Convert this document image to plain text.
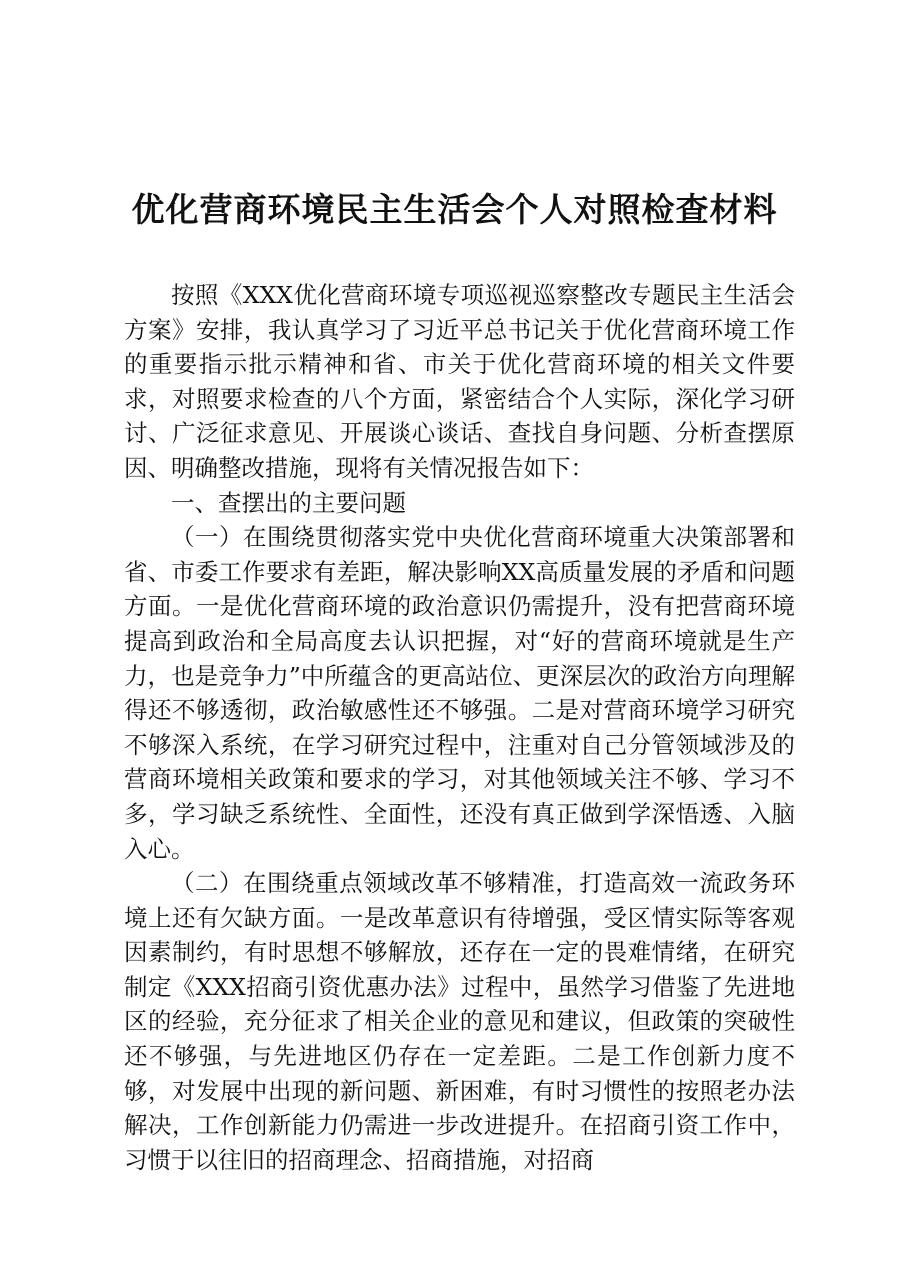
优化营商环境民主生活会个人对照检查材料

按照《XXX优化营商环境专项巡视巡察整改专题民主生活会方案》安排，我认真学习了习近平总书记关于优化营商环境工作的重要指示批示精神和省、市关于优化营商环境的相关文件要求，对照要求检查的八个方面，紧密结合个人实际，深化学习研讨、广泛征求意见、开展谈心谈话、查找自身问题、分析查摆原因、明确整改措施，现将有关情况报告如下：

一、查摆出的主要问题

（一）在围绕贯彻落实党中央优化营商环境重大决策部署和省、市委工作要求有差距，解决影响XX高质量发展的矛盾和问题方面。一是优化营商环境的政治意识仍需提升，没有把营商环境提高到政治和全局高度去认识把握，对“好的营商环境就是生产力，也是竞争力”中所蕴含的更高站位、更深层次的政治方向理解得还不够透彻，政治敏感性还不够强。二是对营商环境学习研究不够深入系统，在学习研究过程中，注重对自己分管领域涉及的营商环境相关政策和要求的学习，对其他领域关注不够、学习不多，学习缺乏系统性、全面性，还没有真正做到学深悟透、入脑入心。

（二）在围绕重点领域改革不够精准，打造高效一流政务环境上还有欠缺方面。一是改革意识有待增强，受区情实际等客观因素制约，有时思想不够解放，还存在一定的畏难情绪，在研究制定《XXX招商引资优惠办法》过程中，虽然学习借鉴了先进地区的经验，充分征求了相关企业的意见和建议，但政策的突破性还不够强，与先进地区仍存在一定差距。二是工作创新力度不够，对发展中出现的新问题、新困难，有时习惯性的按照老办法解决，工作创新能力仍需进一步改进提升。在招商引资工作中，习惯于以往旧的招商理念、招商措施，对招商
